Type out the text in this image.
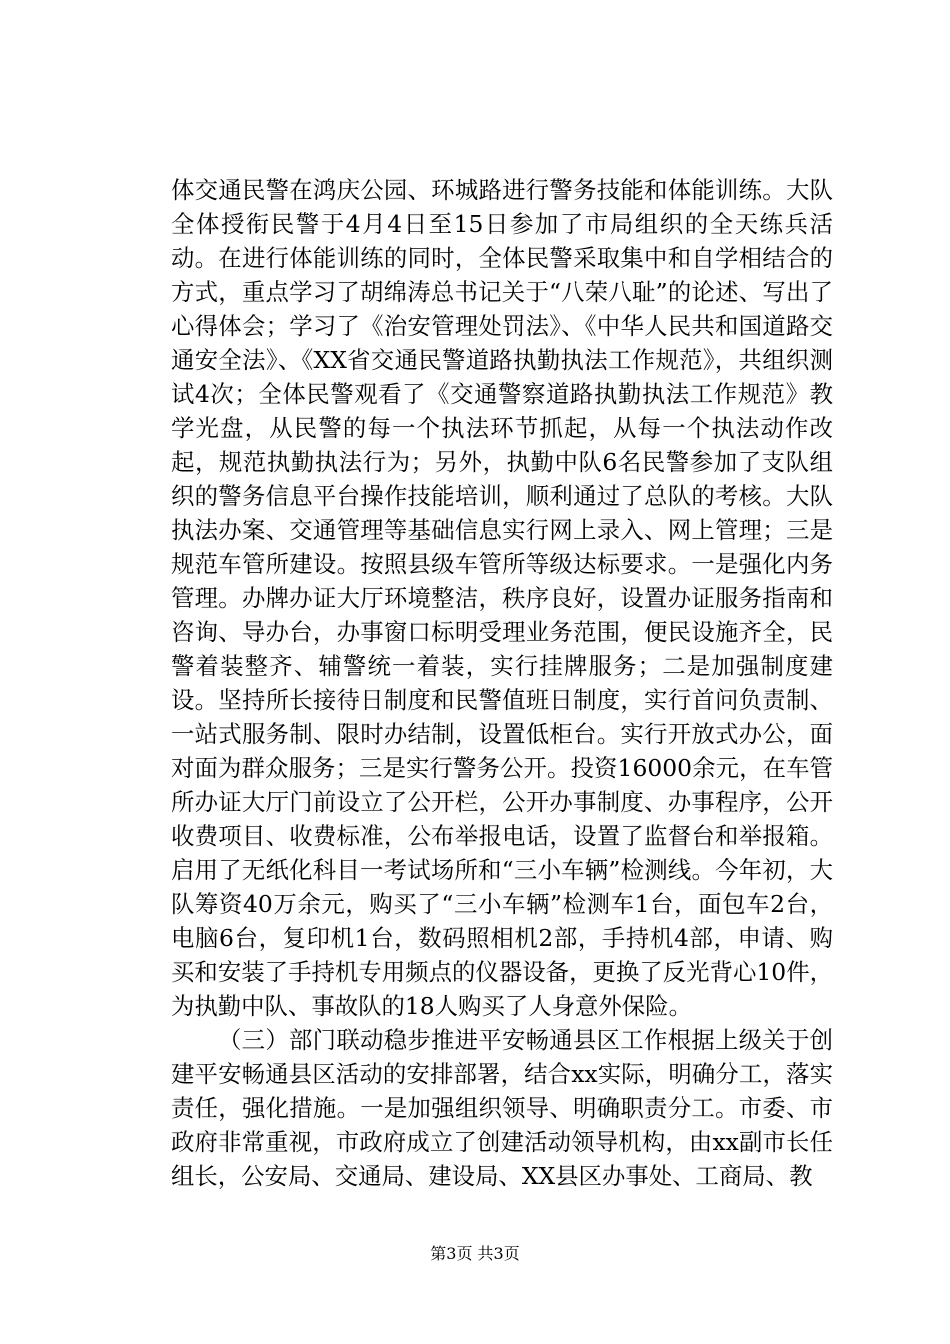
体交通民警在鸿庆公园、环城路进行警务技能和体能训练。大队全体授衔民警于4月4日至15日参加了市局组织的全天练兵活动。在进行体能训练的同时，全体民警采取集中和自学相结合的方式，重点学习了胡绵涛总书记关于“八荣八耻”的论述、写出了心得体会；学习了《治安管理处罚法》、《中华人民共和国道路交通安全法》、《XX省交通民警道路执勤执法工作规范》，共组织测试4次；全体民警观看了《交通警察道路执勤执法工作规范》教学光盘，从民警的每一个执法环节抓起，从每一个执法动作改起，规范执勤执法行为；另外，执勤中队6名民警参加了支队组织的警务信息平台操作技能培训，顺利通过了总队的考核。大队执法办案、交通管理等基础信息实行网上录入、网上管理；三是规范车管所建设。按照县级车管所等级达标要求。一是强化内务管理。办牌办证大厅环境整洁，秩序良好，设置办证服务指南和咨询、导办台，办事窗口标明受理业务范围，便民设施齐全，民警着装整齐、辅警统一着装，实行挂牌服务；二是加强制度建设。坚持所长接待日制度和民警值班日制度，实行首问负责制、一站式服务制、限时办结制，设置低柜台。实行开放式办公，面对面为群众服务；三是实行警务公开。投资16000余元，在车管所办证大厅门前设立了公开栏，公开办事制度、办事程序，公开收费项目、收费标准，公布举报电话，设置了监督台和举报箱。启用了无纸化科目一考试场所和“三小车辆”检测线。今年初，大队筹资40万余元，购买了“三小车辆”检测车1台，面包车2台，电脑6台，复印机1台，数码照相机2部，手持机4部，申请、购买和安装了手持机专用频点的仪器设备，更换了反光背心10件，为执勤中队、事故队的18人购买了人身意外保险。

（三）部门联动稳步推进平安畅通县区工作根据上级关于创建平安畅通县区活动的安排部署，结合xx实际，明确分工，落实责任，强化措施。一是加强组织领导、明确职责分工。市委、市政府非常重视，市政府成立了创建活动领导机构，由xx副市长任组长，公安局、交通局、建设局、XX县区办事处、工商局、教

第3页 共3页
